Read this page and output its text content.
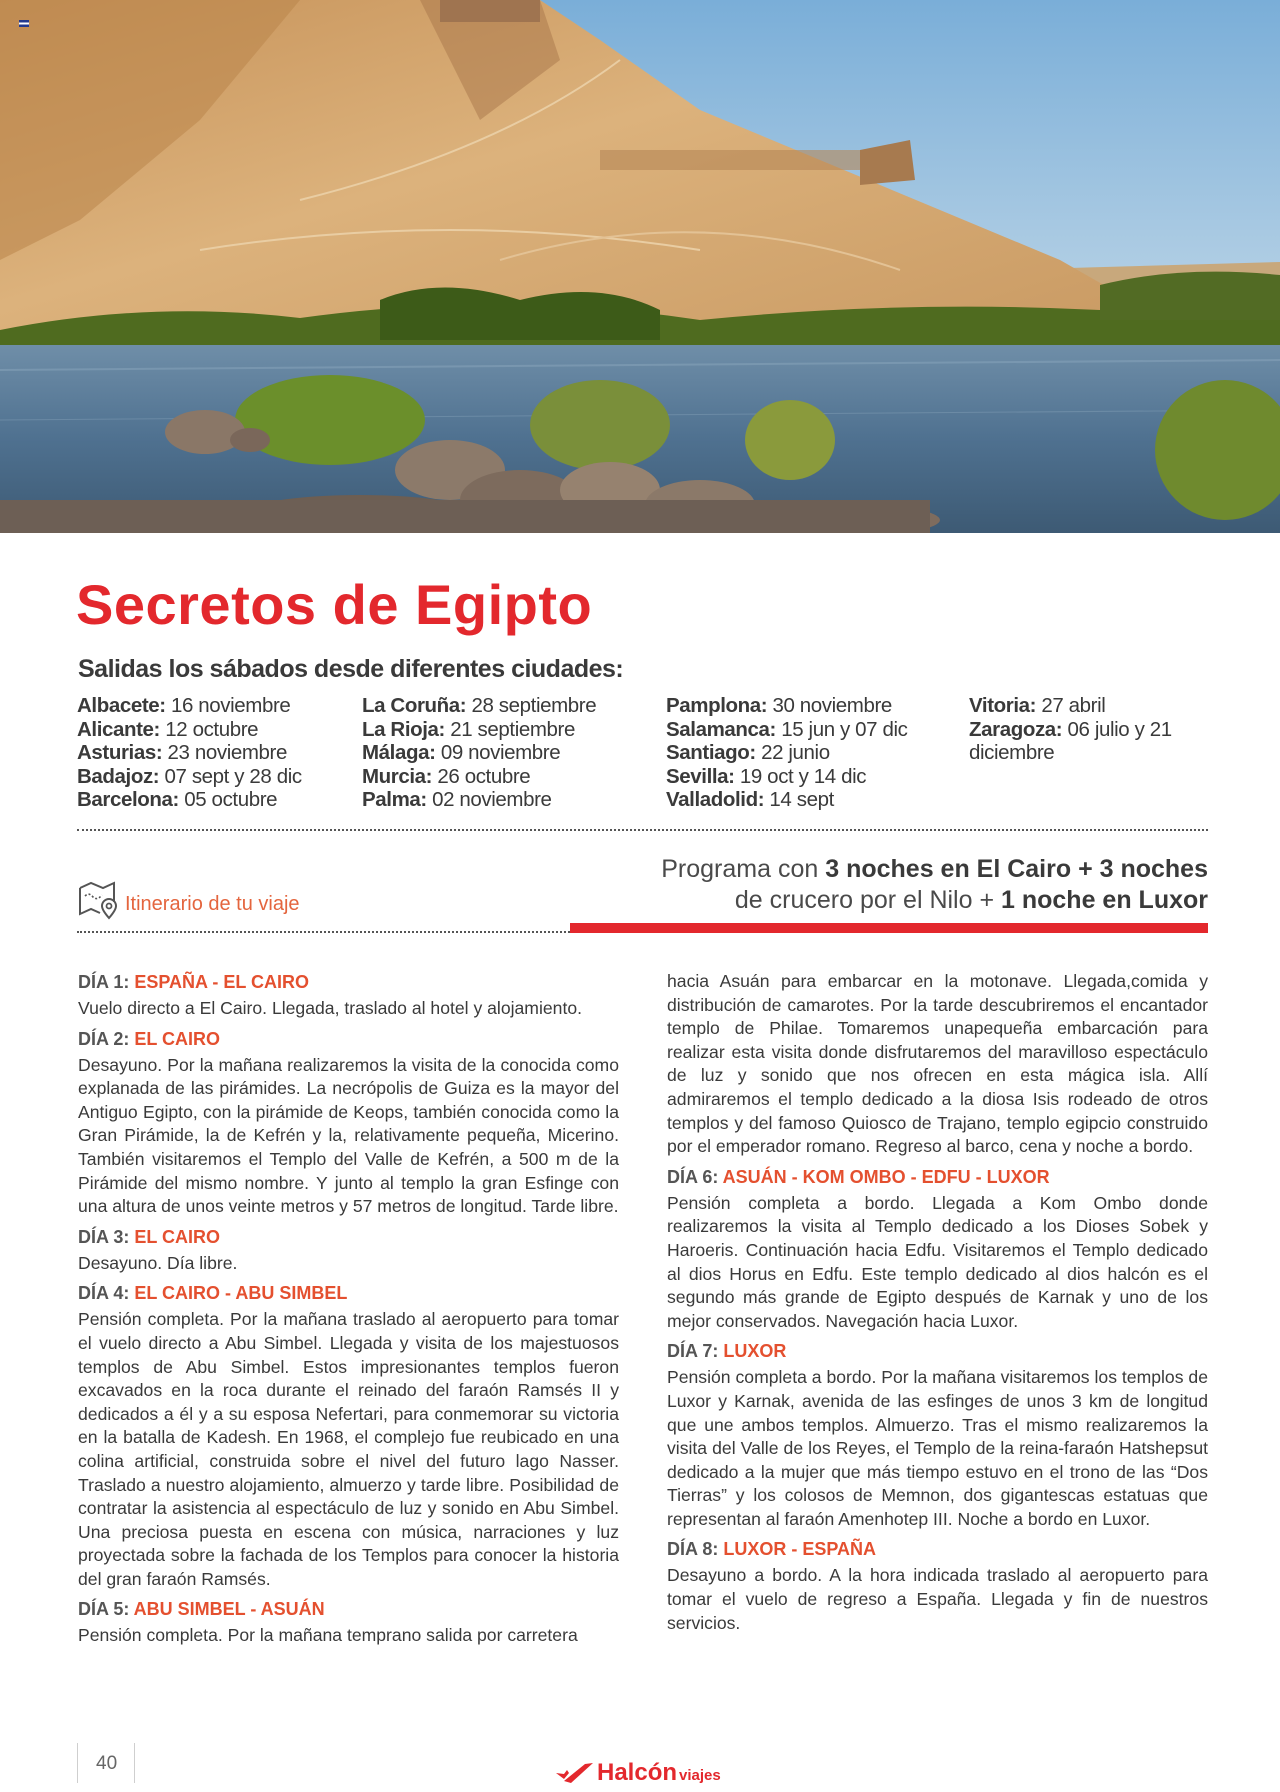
Secretos de Egipto
Salidas los sábados desde diferentes ciudades:
Albacete: 16 noviembre
Alicante: 12 octubre
Asturias: 23 noviembre
Badajoz: 07 sept y 28 dic
Barcelona: 05 octubre
La Coruña: 28 septiembre
La Rioja: 21 septiembre
Málaga: 09 noviembre
Murcia: 26 octubre
Palma: 02 noviembre
Pamplona: 30 noviembre
Salamanca: 15 jun y 07 dic
Santiago: 22 junio
Sevilla: 19 oct y 14 dic
Valladolid: 14 sept
Vitoria: 27 abril
Zaragoza: 06 julio y 21 diciembre
Itinerario de tu viaje
Programa con 3 noches en El Cairo + 3 noches
de crucero por el Nilo + 1 noche en Luxor
DÍA 1: ESPAÑA - EL CAIRO

Vuelo directo a El Cairo. Llegada, traslado al hotel y alojamiento.

DÍA 2: EL CAIRO

Desayuno. Por la mañana realizaremos la visita de la conocida como explanada de las pirámides. La necrópolis de Guiza es la mayor del Antiguo Egipto, con la pirámide de Keops, también conocida como la Gran Pirámide, la de Kefrén y la, relativamente pequeña, Micerino. También visitaremos el Templo del Valle de Kefrén, a 500 m de la Pirámide del mismo nombre. Y junto al templo la gran Esfinge con una altura de unos veinte metros y 57 metros de longitud. Tarde libre.

DÍA 3: EL CAIRO

Desayuno. Día libre.

DÍA 4: EL CAIRO - ABU SIMBEL

Pensión completa. Por la mañana traslado al aeropuerto para tomar el vuelo directo a Abu Simbel. Llegada y visita de los majestuosos templos de Abu Simbel. Estos impresionantes templos fueron excavados en la roca durante el reinado del faraón Ramsés II y dedicados a él y a su esposa Nefertari, para conmemorar su victoria en la batalla de Kadesh. En 1968, el complejo fue reubicado en una colina artificial, construida sobre el nivel del futuro lago Nasser. Traslado a nuestro alojamiento, almuerzo y tarde libre. Posibilidad de contratar la asistencia al espectáculo de luz y sonido en Abu Simbel. Una preciosa puesta en escena con música, narraciones y luz proyectada sobre la fachada de los Templos para conocer la historia del gran faraón Ramsés.

DÍA 5: ABU SIMBEL - ASUÁN

Pensión completa. Por la mañana temprano salida por carretera

hacia Asuán para embarcar en la motonave. Llegada,comida y distribución de camarotes. Por la tarde descubriremos el encantador templo de Philae. Tomaremos unapequeña embarcación para realizar esta visita donde disfrutaremos del maravilloso espectáculo de luz y sonido que nos ofrecen en esta mágica isla. Allí admiraremos el templo dedicado a la diosa Isis rodeado de otros templos y del famoso Quiosco de Trajano, templo egipcio construido por el emperador romano. Regreso al barco, cena y noche a bordo.

DÍA 6: ASUÁN - KOM OMBO - EDFU - LUXOR

Pensión completa a bordo. Llegada a Kom Ombo donde realizaremos la visita al Templo dedicado a los Dioses Sobek y Haroeris. Continuación hacia Edfu. Visitaremos el Templo dedicado al dios Horus en Edfu. Este templo dedicado al dios halcón es el segundo más grande de Egipto después de Karnak y uno de los mejor conservados. Navegación hacia Luxor.

DÍA 7: LUXOR

Pensión completa a bordo. Por la mañana visitaremos los templos de Luxor y Karnak, avenida de las esfinges de unos 3 km de longitud que une ambos templos. Almuerzo. Tras el mismo realizaremos la visita del Valle de los Reyes, el Templo de la reina-faraón Hatshepsut dedicado a la mujer que más tiempo estuvo en el trono de las “Dos Tierras” y los colosos de Memnon, dos gigantescas estatuas que representan al faraón Amenhotep III. Noche a bordo en Luxor.

DÍA 8: LUXOR - ESPAÑA

Desayuno a bordo. A la hora indicada traslado al aeropuerto para tomar el vuelo de regreso a España. Llegada y fin de nuestros servicios.

40	Halcón viajes
